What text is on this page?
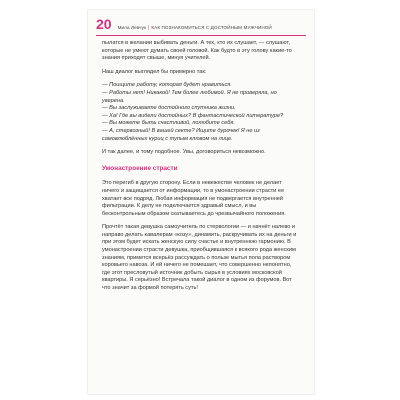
20 Мила Левчук | КАК ПОЗНАКОМИТЬСЯ С ДОСТОЙНЫМ МУЖЧИНОЙ

пылатся в желании выбивать деньги. А тех, кто их слушает, — слушают, которые не умеют думать своей головой. Как будто в эту голову какие-то знания приходят свыше, минуя учителей.

Наш диалог выглядел бы примерно так:

— Поищите работу, которая будет нравиться.

— Работы нет! Никакой! Тем более любимой. Я не проверяла, но уверена.

— Вы заслуживаете достойного спутника жизни.

— Ха! Где вы видели достойных? В фантастической литературе?

— Вы можете быть счастливой, полюбите себя.

— А, стервозный! В вашей секте? Ищите дурочек! Я не из самовлюблённых куриц с тупым клювом на лице.

И так далее, и тому подобное. Увы, договориться невозможно.

Умонастроение страсти

Это перегиб в другую сторону. Если в невежестве человек не делает ничего и защищается от информации, то в умонастроении страсти ее хватает все подряд. Любая информация не подвергается внутренней фильтрации. К делу не подключается здравый смысл, и вы бесконтрольным образом скатываетесь до чрезвычайного положения.

Прочтёт такая девушка самоучитель по стервологии — и начнёт налево и направо делать кавалерам «козу», динамить, раскручивать их на деньги и при этом будет искать женскую силу счастье и внутреннюю гармонию. В умонастроении страсти девушка, приобщившаяся к всякого рода женским знаниям, примется всерьёз рассуждать о пользе мытья пола раствором коровьего навоза. И ей ничего не помешает, что совершенно непонятно, где этот пресловутый источник добыть сырья в условиях московской квартиры. Я серьёзно! Встречала такой диалог в одном из форумов. Вот что значит за формой потерять суть!
